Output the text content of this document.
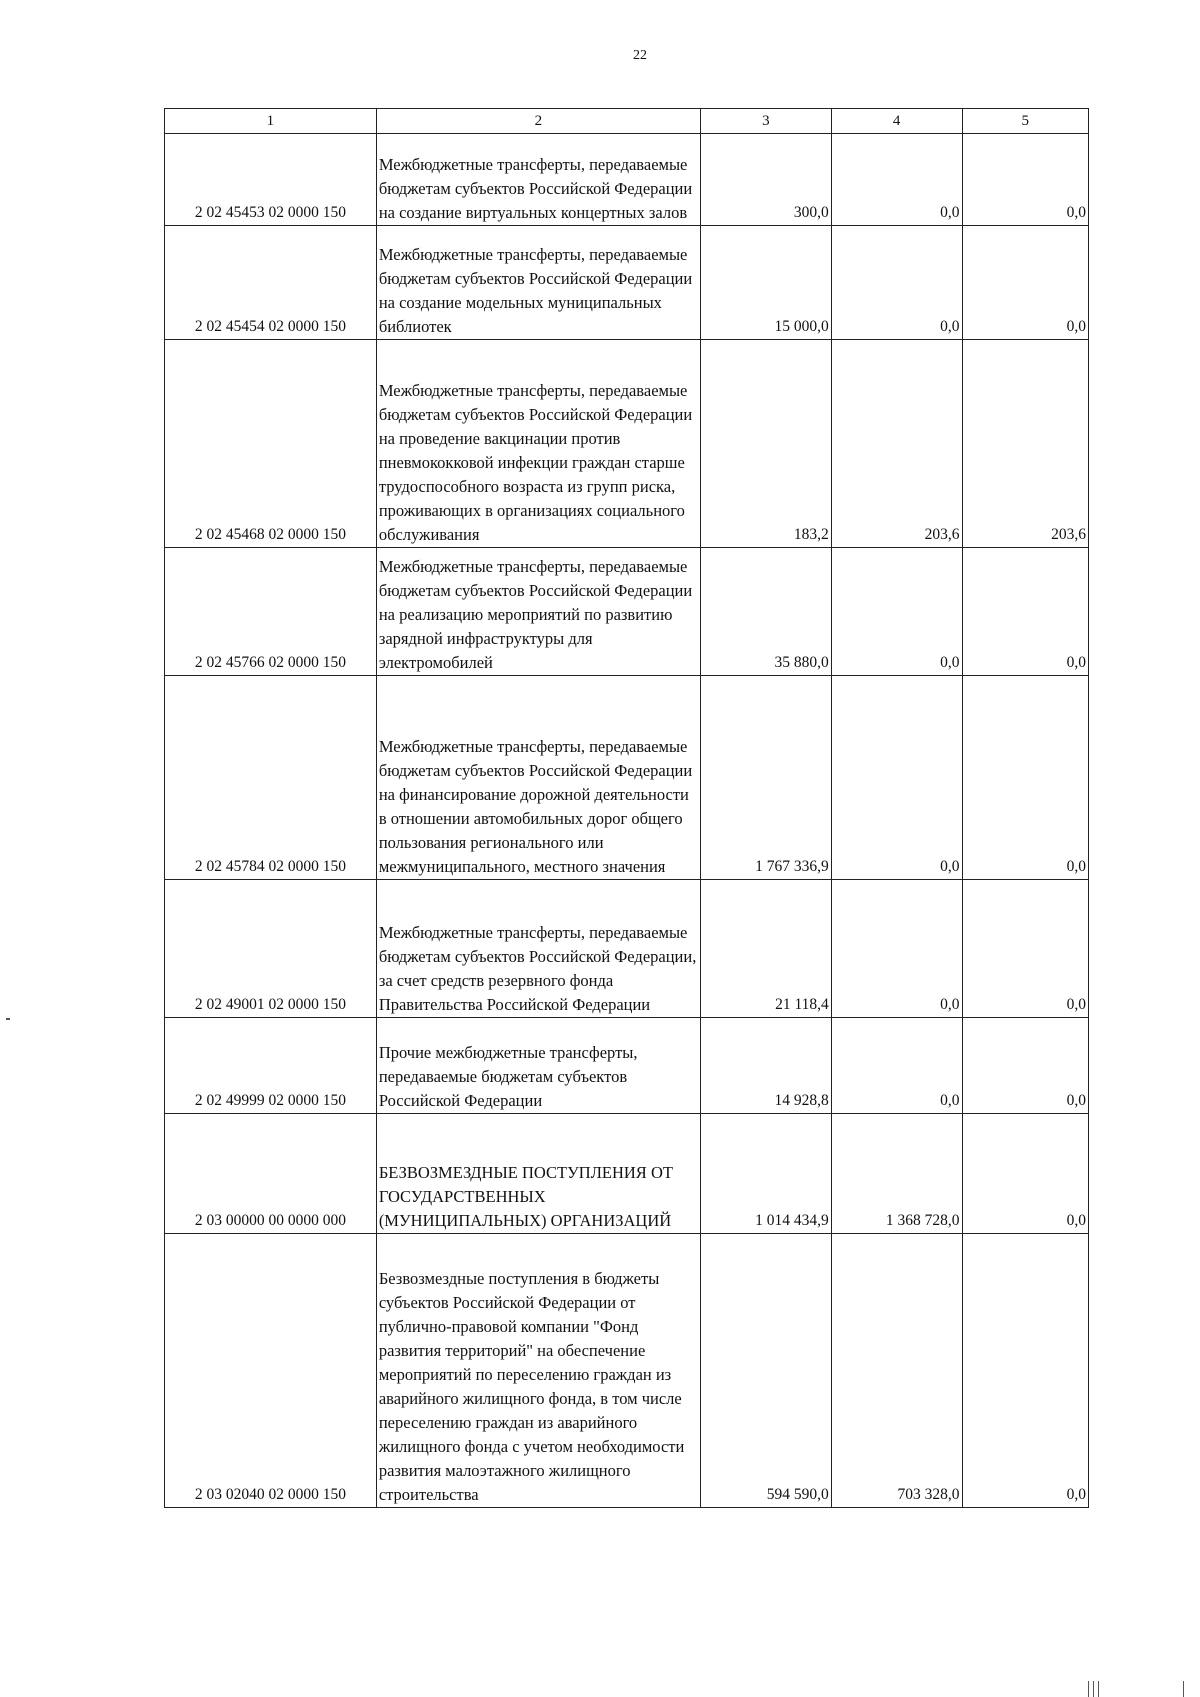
22
1	2	3	4	5
2 02 45453 02 0000 150	Межбюджетные трансферты, передаваемые бюджетам субъектов Российской Федерации на создание виртуальных концертных залов	300,0	0,0	0,0
2 02 45454 02 0000 150	Межбюджетные трансферты, передаваемые бюджетам субъектов Российской Федерации на создание модельных муниципальных библиотек	15 000,0	0,0	0,0
2 02 45468 02 0000 150	Межбюджетные трансферты, передаваемые бюджетам субъектов Российской Федерации на проведение вакцинации против пневмококковой инфекции граждан старше трудоспособного возраста из групп риска, проживающих в организациях социального обслуживания	183,2	203,6	203,6
2 02 45766 02 0000 150	Межбюджетные трансферты, передаваемые бюджетам субъектов Российской Федерации на реализацию мероприятий по развитию зарядной инфраструктуры для электромобилей	35 880,0	0,0	0,0
2 02 45784 02 0000 150	Межбюджетные трансферты, передаваемые бюджетам субъектов Российской Федерации на финансирование дорожной деятельности в отношении автомобильных дорог общего пользования регионального или межмуниципального, местного значения	1 767 336,9	0,0	0,0
2 02 49001 02 0000 150	Межбюджетные трансферты, передаваемые бюджетам субъектов Российской Федерации, за счет средств резервного фонда Правительства Российской Федерации	21 118,4	0,0	0,0
2 02 49999 02 0000 150	Прочие межбюджетные трансферты, передаваемые бюджетам субъектов Российской Федерации	14 928,8	0,0	0,0
2 03 00000 00 0000 000	БЕЗВОЗМЕЗДНЫЕ ПОСТУПЛЕНИЯ ОТ ГОСУДАРСТВЕННЫХ (МУНИЦИПАЛЬНЫХ) ОРГАНИЗАЦИЙ	1 014 434,9	1 368 728,0	0,0
2 03 02040 02 0000 150	Безвозмездные поступления в бюджеты субъектов Российской Федерации от публично-правовой компании "Фонд развития территорий" на обеспечение мероприятий по переселению граждан из аварийного жилищного фонда, в том числе переселению граждан из аварийного жилищного фонда с учетом необходимости развития малоэтажного жилищного строительства	594 590,0	703 328,0	0,0
